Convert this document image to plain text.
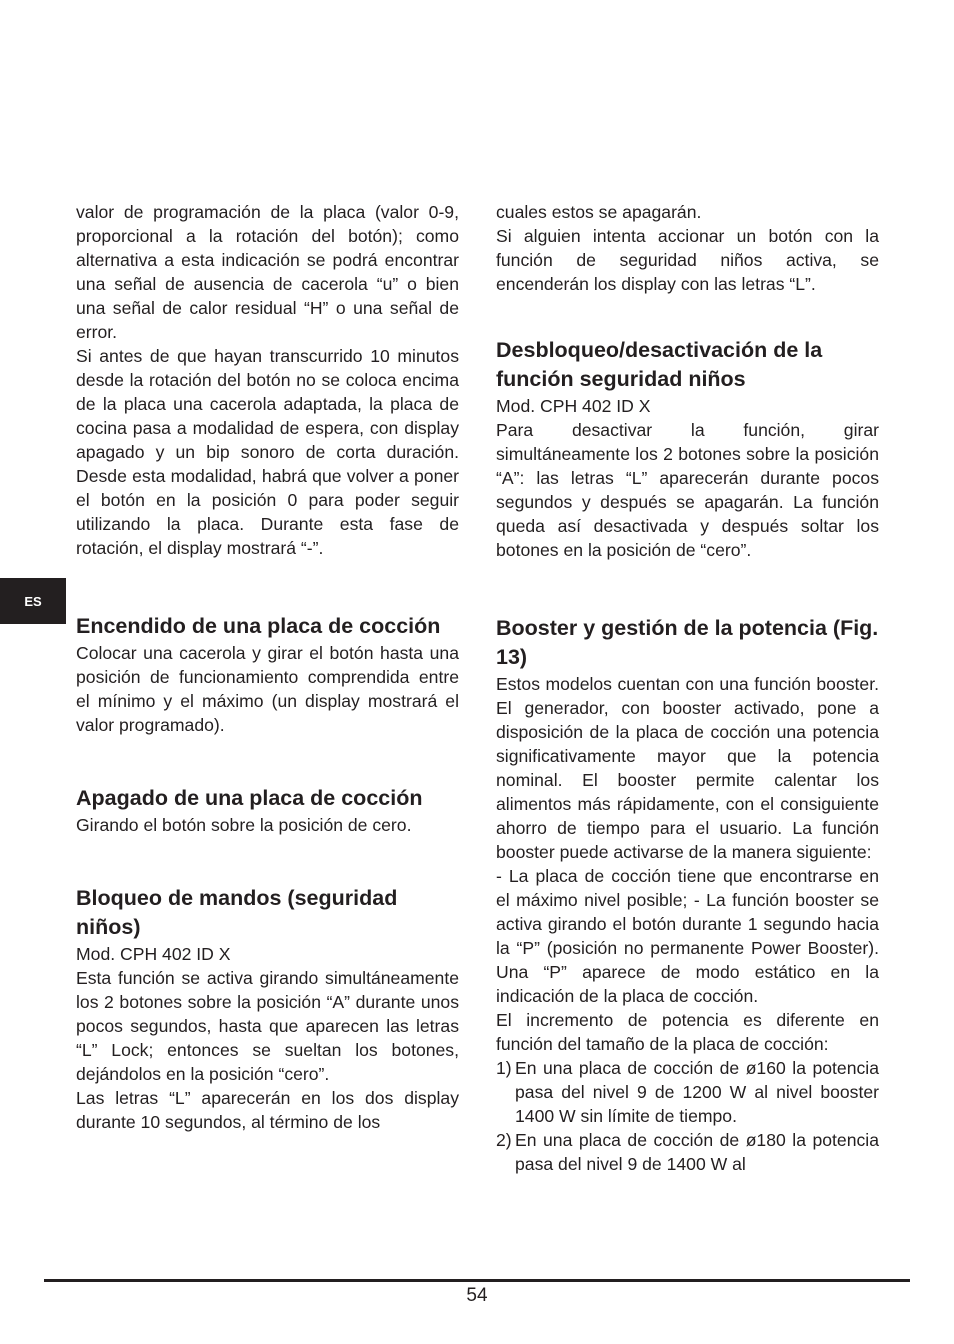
ES

valor de programación de la placa (valor 0-9, proporcional a la rotación del botón); como alternativa a esta indicación se podrá encontrar una señal de ausencia de cacerola “u” o bien una señal de calor residual “H” o una señal de error.

Si antes de que hayan transcurrido 10 minutos desde la rotación del botón no se coloca encima de la placa una cacerola adaptada, la placa de cocina pasa a modalidad de espera, con display apagado y un bip sonoro de corta duración. Desde esta modalidad, habrá que volver a poner el botón en la posición 0 para poder seguir utilizando la placa. Durante esta fase de rotación, el display mostrará “-”.

Encendido de una placa de cocción

Colocar una cacerola y girar el botón hasta una posición de funcionamiento comprendida entre el mínimo y el máximo (un display mostrará el valor programado).

Apagado de una placa de cocción

Girando el botón sobre la posición de cero.

Bloqueo de mandos (seguridad niños)

Mod. CPH 402 ID X

Esta función se activa girando simultáneamente los 2 botones sobre la posición “A” durante unos pocos segundos, hasta que aparecen las letras “L” Lock; entonces se sueltan los botones, dejándolos en la posición “cero”.

Las letras “L” aparecerán en los dos display durante 10 segundos, al término de los

cuales estos se apagarán.

Si alguien intenta accionar un botón con la función de seguridad niños activa, se encenderán los display con las letras “L”.

Desbloqueo/desactivación de la función seguridad niños

Mod. CPH 402 ID X

Para desactivar la función, girar simultáneamente los 2 botones sobre la posición “A”: las letras “L” aparecerán durante pocos segundos y después se apagarán. La función queda así desactivada y después soltar los botones en la posición de “cero”.

Booster y gestión de la potencia (Fig. 13)

Estos modelos cuentan con una función booster. El generador, con booster activado, pone a disposición de la placa de cocción una potencia significativamente mayor que la potencia nominal. El booster permite calentar los alimentos más rápidamente, con el consiguiente ahorro de tiempo para el usuario. La función booster puede activarse de la manera siguiente:

- La placa de cocción tiene que encontrarse en el máximo nivel posible; - La función booster se activa girando el botón durante 1 segundo hacia la “P” (posición no permanente Power Booster). Una “P” aparece de modo estático en la indicación de la placa de cocción.

El incremento de potencia es diferente en función del tamaño de la placa de cocción:

1) En una placa de cocción de ø160 la potencia pasa del nivel 9 de 1200 W al nivel booster 1400 W sin límite de tiempo.
2) En una placa de cocción de ø180 la potencia pasa del nivel 9 de 1400 W al
54
